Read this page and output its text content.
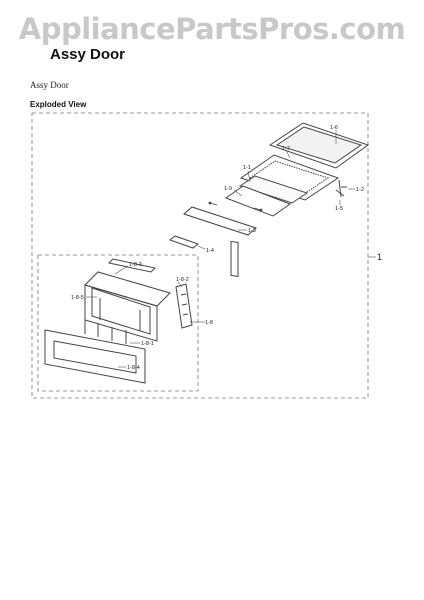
AppliancePartsPros.com
Assy Door
Assy Door
Exploded View
1-6
1-7
1-1
1-9	1-2
1-5
1-3
1-4
1
1-8
1-8-3
1-8-5
1-8-2
1-8-1
1-8-4
